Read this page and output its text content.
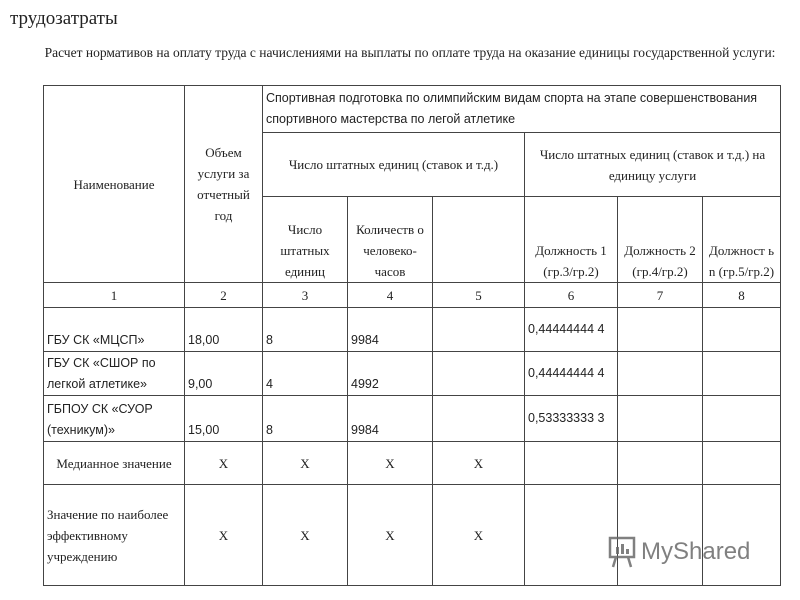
трудозатраты
Расчет нормативов на оплату труда с начислениями на выплаты по оплате труда на оказание единицы государственной услуги:
Наименование	Объем услуги за отчетный год	Спортивная подготовка по олимпийским видам спорта на этапе совершенствования спортивного мастерства по легой атлетике					
		Число штатных единиц (ставок и т.д.)			Число штатных единиц (ставок и т.д.) на единицу услуги		
		Число штатных единиц	Количеств о человеко-часов		Должность 1 (гр.3/гр.2)	Должность 2 (гр.4/гр.2)	Должност ь n (гр.5/гр.2)
1	2	3	4	5	6	7	8
ГБУ СК «МЦСП»	18,00	8	9984		0,44444444 4		
ГБУ СК «СШОР по легкой атлетике»	9,00	4	4992		0,44444444 4		
ГБПОУ СК «СУОР (техникум)»	15,00	8	9984		0,53333333 3		
Медианное значение	X	X	X	X			
Значение по наиболее эффективному учреждению	X	X	X	X			
MyShared
